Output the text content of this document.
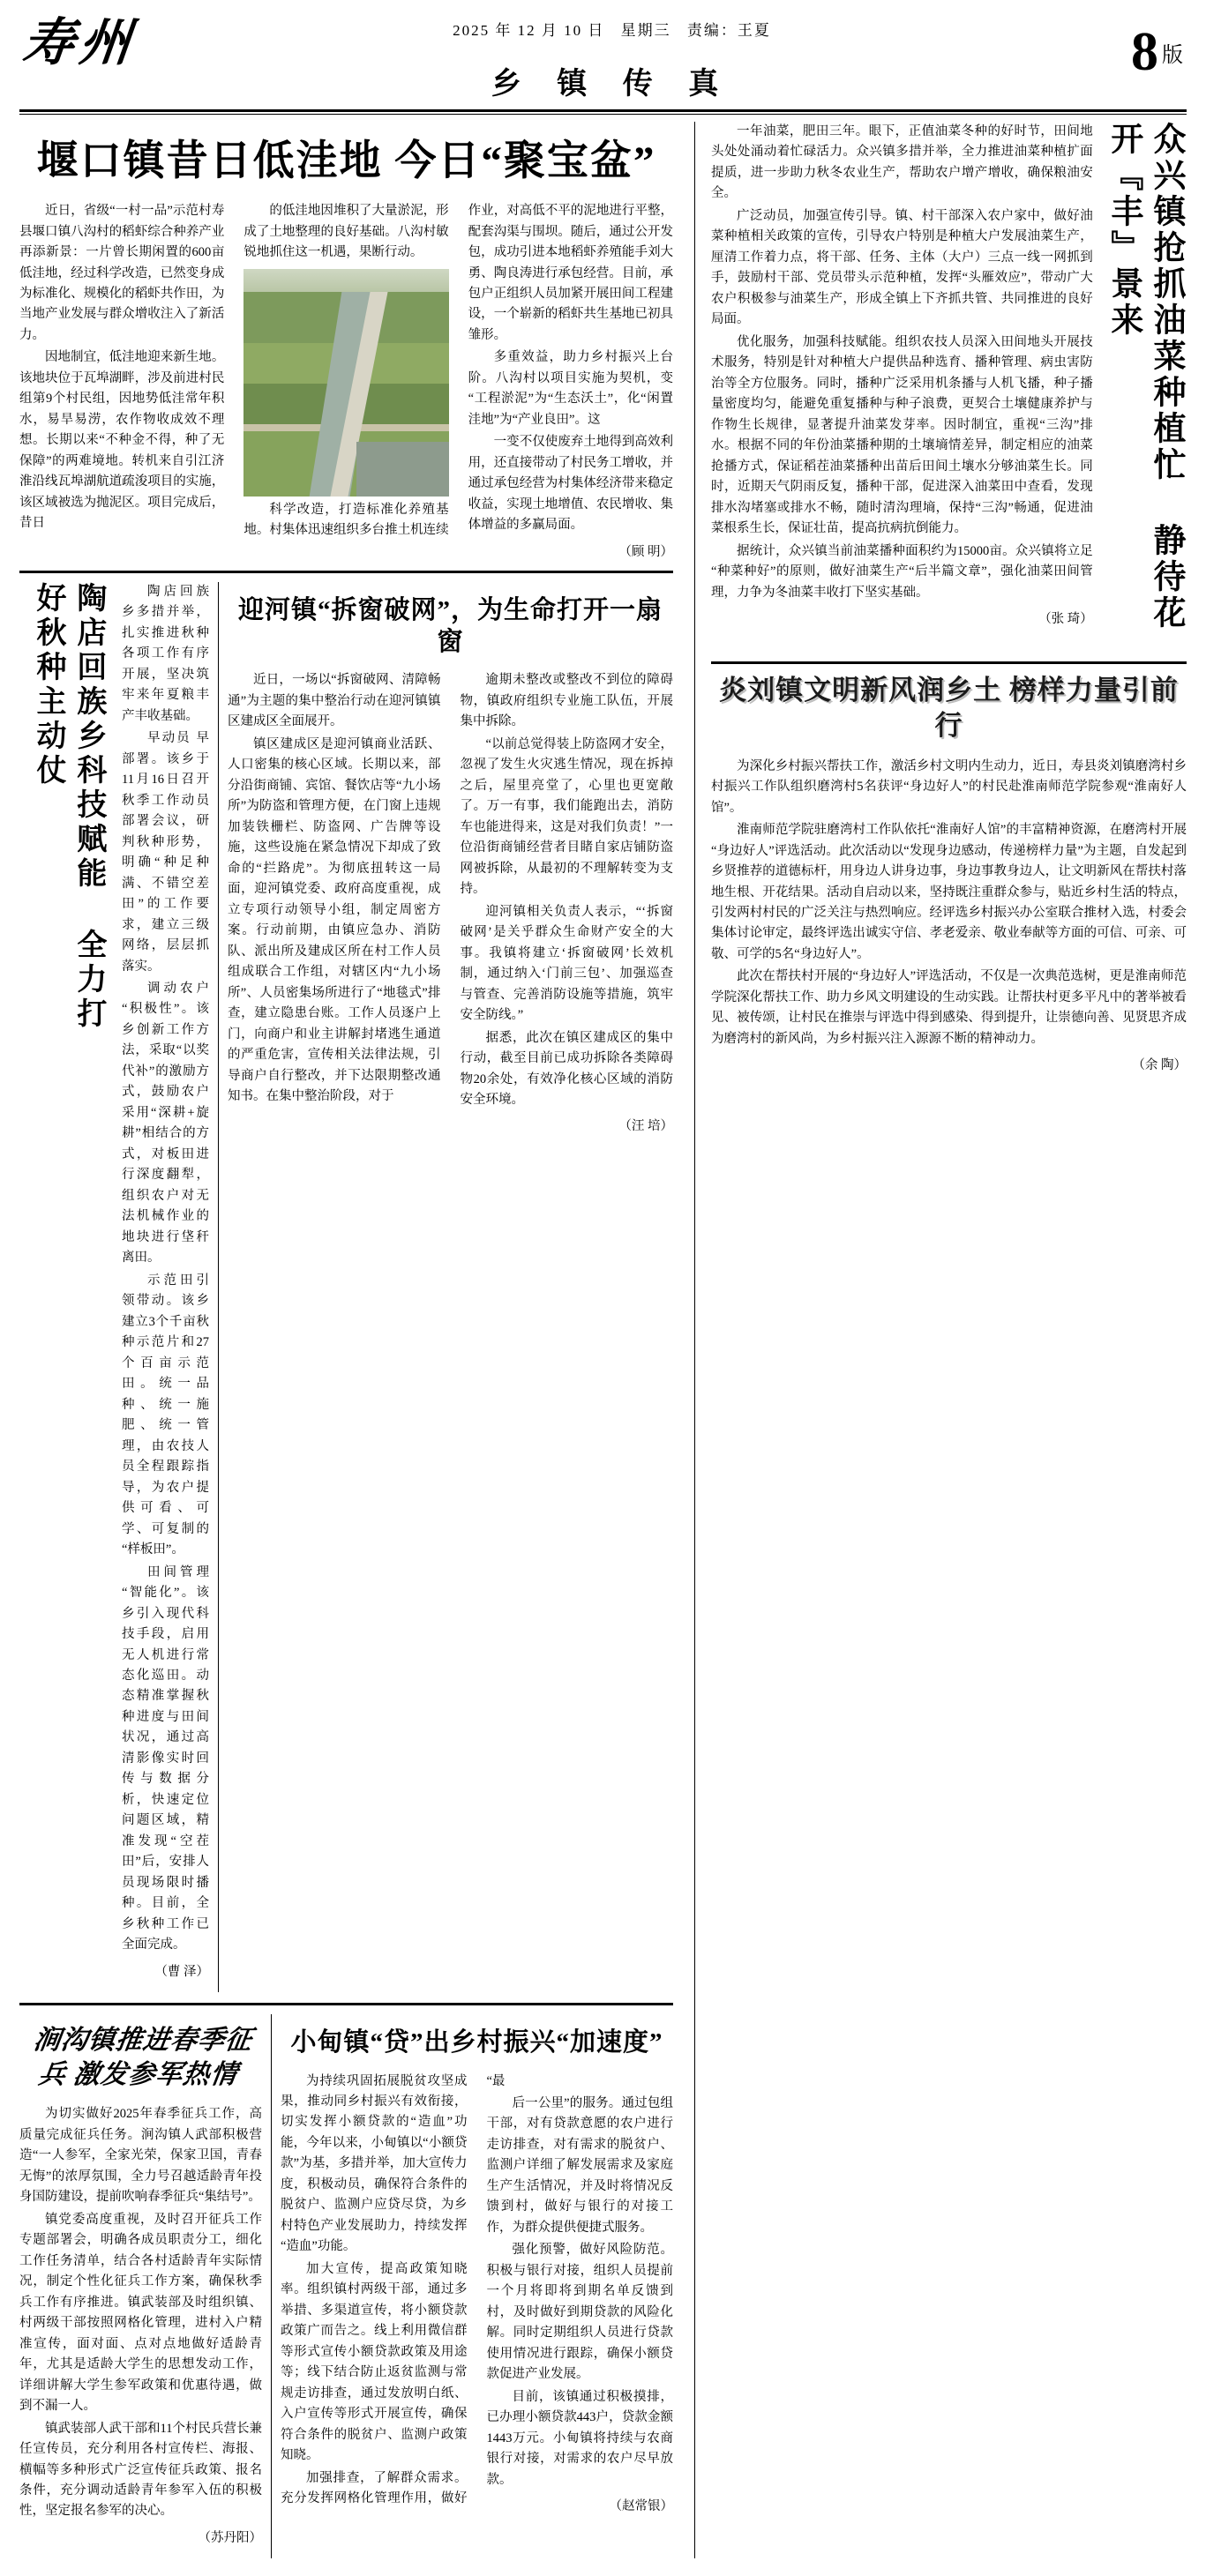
寿州	2025 年 12 月 10 日 星期三 责编：王夏
乡 镇 传 真
8 版
堰口镇昔日低洼地 今日“聚宝盆”

近日，省级“一村一品”示范村寿县堰口镇八沟村的稻虾综合种养产业再添新景：一片曾长期闲置的600亩低洼地，经过科学改造，已然变身成为标准化、规模化的稻虾共作田，为当地产业发展与群众增收注入了新活力。

因地制宜，低洼地迎来新生地。该地块位于瓦埠湖畔，涉及前进村民组第9个村民组，因地势低洼常年积水，易旱易涝，农作物收成效不理想。长期以来“不种金不得，种了无保障”的两难境地。转机来自引江济淮沿线瓦埠湖航道疏浚项目的实施，该区域被选为抛泥区。项目完成后，昔日

的低洼地因堆积了大量淤泥，形成了土地整理的良好基础。八沟村敏锐地抓住这一机遇，果断行动。

科学改造，打造标准化养殖基地。村集体迅速组织多台推土机连续作业，对高低不平的泥地进行平整，配套沟渠与围坝。随后，通过公开发包，成功引进本地稻虾养殖能手刘大勇、陶良涛进行承包经营。目前，承包户正组织人员加紧开展田间工程建设，一个崭新的稻虾共生基地已初具雏形。

多重效益，助力乡村振兴上台阶。八沟村以项目实施为契机，变“工程淤泥”为“生态沃土”，化“闲置洼地”为“产业良田”。这

一变不仅使废弃土地得到高效利用，还直接带动了村民务工增收，并通过承包经营为村集体经济带来稳定收益，实现土地增值、农民增收、集体增益的多赢局面。

（顾 明）

陶店回族乡科技赋能 全力打好秋种主动仗	陶店回族乡多措并举，扎实推进秋种各项工作有序开展，坚决筑牢来年夏粮丰产丰收基础。

早动员 早部署。该乡于11月16日召开秋季工作动员部署会议，研判秋种形势，明确“种足种满、不错空差田”的工作要求，建立三级网络，层层抓落实。

调动农户“积极性”。该乡创新工作方法，采取“以奖代补”的激励方式，鼓励农户采用“深耕+旋耕”相结合的方式，对板田进行深度翻犁，组织农户对无法机械作业的地块进行垡秆离田。

示范田引领带动。该乡建立3个千亩秋种示范片和27个百亩示范田。统一品种、统一施肥、统一管理，由农技人员全程跟踪指导，为农户提供可看、可学、可复制的“样板田”。

田间管理“智能化”。该乡引入现代科技手段，启用无人机进行常态化巡田。动态精准掌握秋种进度与田间状况，通过高清影像实时回传与数据分析，快速定位问题区域，精准发现“空茬田”后，安排人员现场限时播种。目前，全乡秋种工作已全面完成。

（曹 泽）

迎河镇“拆窗破网”，为生命打开一扇窗

近日，一场以“拆窗破网、清障畅通”为主题的集中整治行动在迎河镇镇区建成区全面展开。

镇区建成区是迎河镇商业活跃、人口密集的核心区域。长期以来，部分沿街商铺、宾馆、餐饮店等“九小场所”为防盗和管理方便，在门窗上违规加装铁栅栏、防盗网、广告牌等设施，这些设施在紧急情况下却成了致命的“拦路虎”。为彻底扭转这一局面，迎河镇党委、政府高度重视，成立专项行动领导小组，制定周密方案。行动前期，由镇应急办、消防队、派出所及建成区所在村工作人员组成联合工作组，对辖区内“九小场所”、人员密集场所进行了“地毯式”排查，建立隐患台账。工作人员逐户上门，向商户和业主讲解封堵逃生通道的严重危害，宣传相关法律法规，引导商户自行整改，并下达限期整改通知书。在集中整治阶段，对于

逾期未整改或整改不到位的障碍物，镇政府组织专业施工队伍，开展集中拆除。

“以前总觉得装上防盗网才安全，忽视了发生火灾逃生情况，现在拆掉之后，屋里亮堂了，心里也更宽敞了。万一有事，我们能跑出去，消防车也能进得来，这是对我们负责！”一位沿街商铺经营者目睹自家店铺防盗网被拆除，从最初的不理解转变为支持。

迎河镇相关负责人表示，“‘拆窗破网’是关乎群众生命财产安全的大事。我镇将建立‘拆窗破网’长效机制，通过纳入‘门前三包’、加强巡查与管查、完善消防设施等措施，筑牢安全防线。”

据悉，此次在镇区建成区的集中行动，截至目前已成功拆除各类障碍物20余处，有效净化核心区域的消防安全环境。

（汪 培）

涧沟镇推进春季征兵 激发参军热情

为切实做好2025年春季征兵工作，高质量完成征兵任务。涧沟镇人武部积极营造“一人参军，全家光荣，保家卫国，青春无悔”的浓厚氛围，全力号召越适龄青年投身国防建设，提前吹响春季征兵“集结号”。

镇党委高度重视，及时召开征兵工作专题部署会，明确各成员职责分工，细化工作任务清单，结合各村适龄青年实际情况，制定个性化征兵工作方案，确保秋季兵工作有序推进。镇武装部及时组织镇、村两级干部按照网格化管理，进村入户精准宣传，面对面、点对点地做好适龄青年，尤其是适龄大学生的思想发动工作，详细讲解大学生参军政策和优惠待遇，做到不漏一人。

镇武装部人武干部和11个村民兵营长兼任宣传员，充分利用各村宣传栏、海报、横幅等多种形式广泛宣传征兵政策、报名条件，充分调动适龄青年参军入伍的积极性，坚定报名参军的决心。

（苏丹阳）

小甸镇“贷”出乡村振兴“加速度”

为持续巩固拓展脱贫攻坚成果，推动同乡村振兴有效衔接，切实发挥小额贷款的“造血”功能，今年以来，小甸镇以“小额贷款”为基，多措并举，加大宣传力度，积极动员，确保符合条件的脱贫户、监测户应贷尽贷，为乡村特色产业发展助力，持续发挥“造血”功能。

加大宣传，提高政策知晓率。组织镇村两级干部，通过多举措、多渠道宣传，将小额贷款政策广而告之。线上利用微信群等形式宣传小额贷款政策及用途等；线下结合防止返贫监测与常规走访排查，通过发放明白纸、入户宣传等形式开展宣传，确保符合条件的脱贫户、监测户政策知晓。

加强排查，了解群众需求。充分发挥网格化管理作用，做好“最

后一公里”的服务。通过包组干部，对有贷款意愿的农户进行走访排查，对有需求的脱贫户、监测户详细了解发展需求及家庭生产生活情况，并及时将情况反馈到村，做好与银行的对接工作，为群众提供便捷式服务。

强化预警，做好风险防范。积极与银行对接，组织人员提前一个月将即将到期名单反馈到村，及时做好到期贷款的风险化解。同时定期组织人员进行贷款使用情况进行跟踪，确保小额贷款促进产业发展。

目前，该镇通过积极摸排，已办理小额贷款443户，贷款金额1443万元。小甸镇将持续与农商银行对接，对需求的农户尽早放款。

（赵常银）

一年油菜，肥田三年。眼下，正值油菜冬种的好时节，田间地头处处涌动着忙碌活力。众兴镇多措并举，全力推进油菜种植扩面提质，进一步助力秋冬农业生产，帮助农户增产增收，确保粮油安全。

广泛动员，加强宣传引导。镇、村干部深入农户家中，做好油菜种植相关政策的宣传，引导农户特别是种植大户发展油菜生产，厘清工作着力点，将干部、任务、主体（大户）三点一线一网抓到手，鼓励村干部、党员带头示范种植，发挥“头雁效应”，带动广大农户积极参与油菜生产，形成全镇上下齐抓共管、共同推进的良好局面。

优化服务，加强科技赋能。组织农技人员深入田间地头开展技术服务，特别是针对种植大户提供品种选育、播种管理、病虫害防治等全方位服务。同时，播种广泛采用机条播与人机飞播，种子播量密度均匀，能避免重复播种与种子浪费，更契合土壤健康养护与作物生长规律，显著提升油菜发芽率。因时制宜，重视“三沟”排水。根据不同的年份油菜播种期的土壤墒情差异，制定相应的油菜抢播方式，保证稻茬油菜播种出苗后田间土壤水分够油菜生长。同时，近期天气阴雨反复，播种干部，促进深入油菜田中查看，发现排水沟堵塞或排水不畅，随时清沟理墒，保持“三沟”畅通，促进油菜根系生长，保证壮苗，提高抗病抗倒能力。

据统计，众兴镇当前油菜播种面积约为15000亩。众兴镇将立足“种菜种好”的原则，做好油菜生产“后半篇文章”，强化油菜田间管理，力争为冬油菜丰收打下坚实基础。

（张 琦）	众兴镇抢抓油菜种植忙 静待花开『丰』景来
炎刘镇文明新风润乡土 榜样力量引前行

为深化乡村振兴帮扶工作，激活乡村文明内生动力，近日，寿县炎刘镇磨湾村乡村振兴工作队组织磨湾村5名获评“身边好人”的村民赴淮南师范学院参观“淮南好人馆”。

淮南师范学院驻磨湾村工作队依托“淮南好人馆”的丰富精神资源，在磨湾村开展“身边好人”评选活动。此次活动以“发现身边感动，传递榜样力量”为主题，自发起到乡贤推荐的道德标杆，用身边人讲身边事，身边事教身边人，让文明新风在帮扶村落地生根、开花结果。活动自启动以来，坚持既注重群众参与，贴近乡村生活的特点，引发两村村民的广泛关注与热烈响应。经评选乡村振兴办公室联合推材入选，村委会集体讨论审定，最终评选出诚实守信、孝老爱亲、敬业奉献等方面的可信、可亲、可敬、可学的5名“身边好人”。

此次在帮扶村开展的“身边好人”评选活动，不仅是一次典范选树，更是淮南师范学院深化帮扶工作、助力乡风文明建设的生动实践。让帮扶村更多平凡中的著举被看见、被传颂，让村民在推崇与评选中得到感染、得到提升，让崇德向善、见贤思齐成为磨湾村的新风尚，为乡村振兴注入源源不断的精神动力。

（余 陶）
